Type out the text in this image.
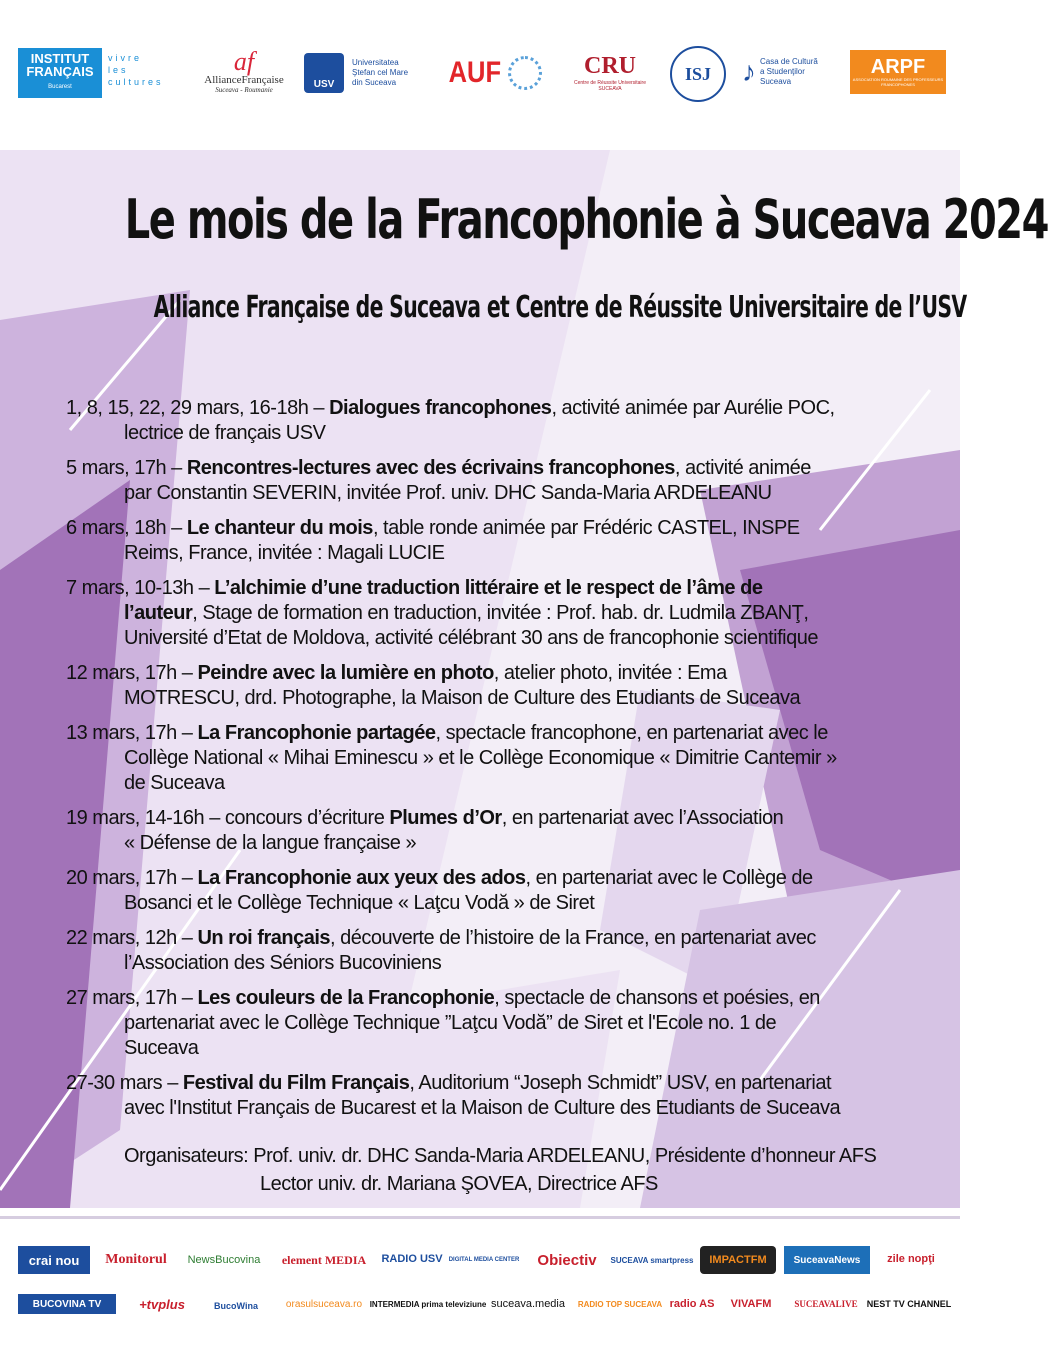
INSTITUT FRANÇAIS
Bucarest
vivre
les
cultures
af
AllianceFrançaise
Suceava - Roumanie	USV
Universitatea
Ştefan cel Mare
din Suceava	AUF	CRU
Centre de Réussite Universitaire SUCEAVA
ISJ ♪ Casa de Cultură
a Studenţilor
Suceava
ARPF
ASSOCIATION ROUMAINE DES PROFESSEURS FRANCOPHONES
Le mois de la Francophonie à Suceava 2024
Alliance Française de Suceava et Centre de Réussite Universitaire de l’USV
1, 8, 15, 22, 29 mars, 16-18h – Dialogues francophones, activité animée par Aurélie POC,
lectrice de français USV
5 mars, 17h – Rencontres-lectures avec des écrivains francophones, activité animée
par Constantin SEVERIN, invitée Prof. univ. DHC Sanda-Maria ARDELEANU
6 mars, 18h – Le chanteur du mois, table ronde animée par Frédéric CASTEL, INSPE
Reims, France, invitée : Magali LUCIE
7 mars, 10-13h – L’alchimie d’une traduction littéraire et le respect de l’âme de
l’auteur, Stage de formation en traduction, invitée : Prof. hab. dr. Ludmila ZBANŢ,
Université d’Etat de Moldova, activité célébrant 30 ans de francophonie scientifique
12 mars, 17h – Peindre avec la lumière en photo, atelier photo, invitée : Ema
MOTRESCU, drd. Photographe, la Maison de Culture des Etudiants de Suceava
13 mars, 17h – La Francophonie partagée, spectacle francophone, en partenariat avec le
Collège National « Mihai Eminescu » et le Collège Economique « Dimitrie Cantemir »
de Suceava
19 mars, 14-16h – concours d’écriture Plumes d’Or, en partenariat avec l’Association
« Défense de la langue française »
20 mars, 17h – La Francophonie aux yeux des ados, en partenariat avec le Collège de
Bosanci et le Collège Technique « Laţcu Vodă » de Siret
22 mars, 12h – Un roi français, découverte de l’histoire de la France, en partenariat avec
l’Association des Séniors Bucoviniens
27 mars, 17h – Les couleurs de la Francophonie, spectacle de chansons et poésies, en
partenariat avec le Collège Technique ”Laţcu Vodă” de Siret et l'Ecole no. 1 de
Suceava
27-30 mars – Festival du Film Français, Auditorium “Joseph Schmidt” USV, en partenariat
avec l'Institut Français de Bucarest et la Maison de Culture des Etudiants de Suceava
Organisateurs: Prof. univ. dr. DHC Sanda-Maria ARDELEANU, Présidente d’honneur AFS Lector univ. dr. Mariana ŞOVEA, Directrice AFS
crai nou Monitorul NewsBucovina element MEDIA RADIO USV DIGITAL MEDIA CENTER Obiectiv SUCEAVA smartpress IMPACTFM	SuceavaNews zile nopţi
BUCOVINA TV	+tvplus	BucoWina	orasulsuceava.ro INTERMEDIA prima televiziune suceava.media RADIO TOP SUCEAVA radio AS VIVAFM	SUCEAVALIVE NEST TV CHANNEL
